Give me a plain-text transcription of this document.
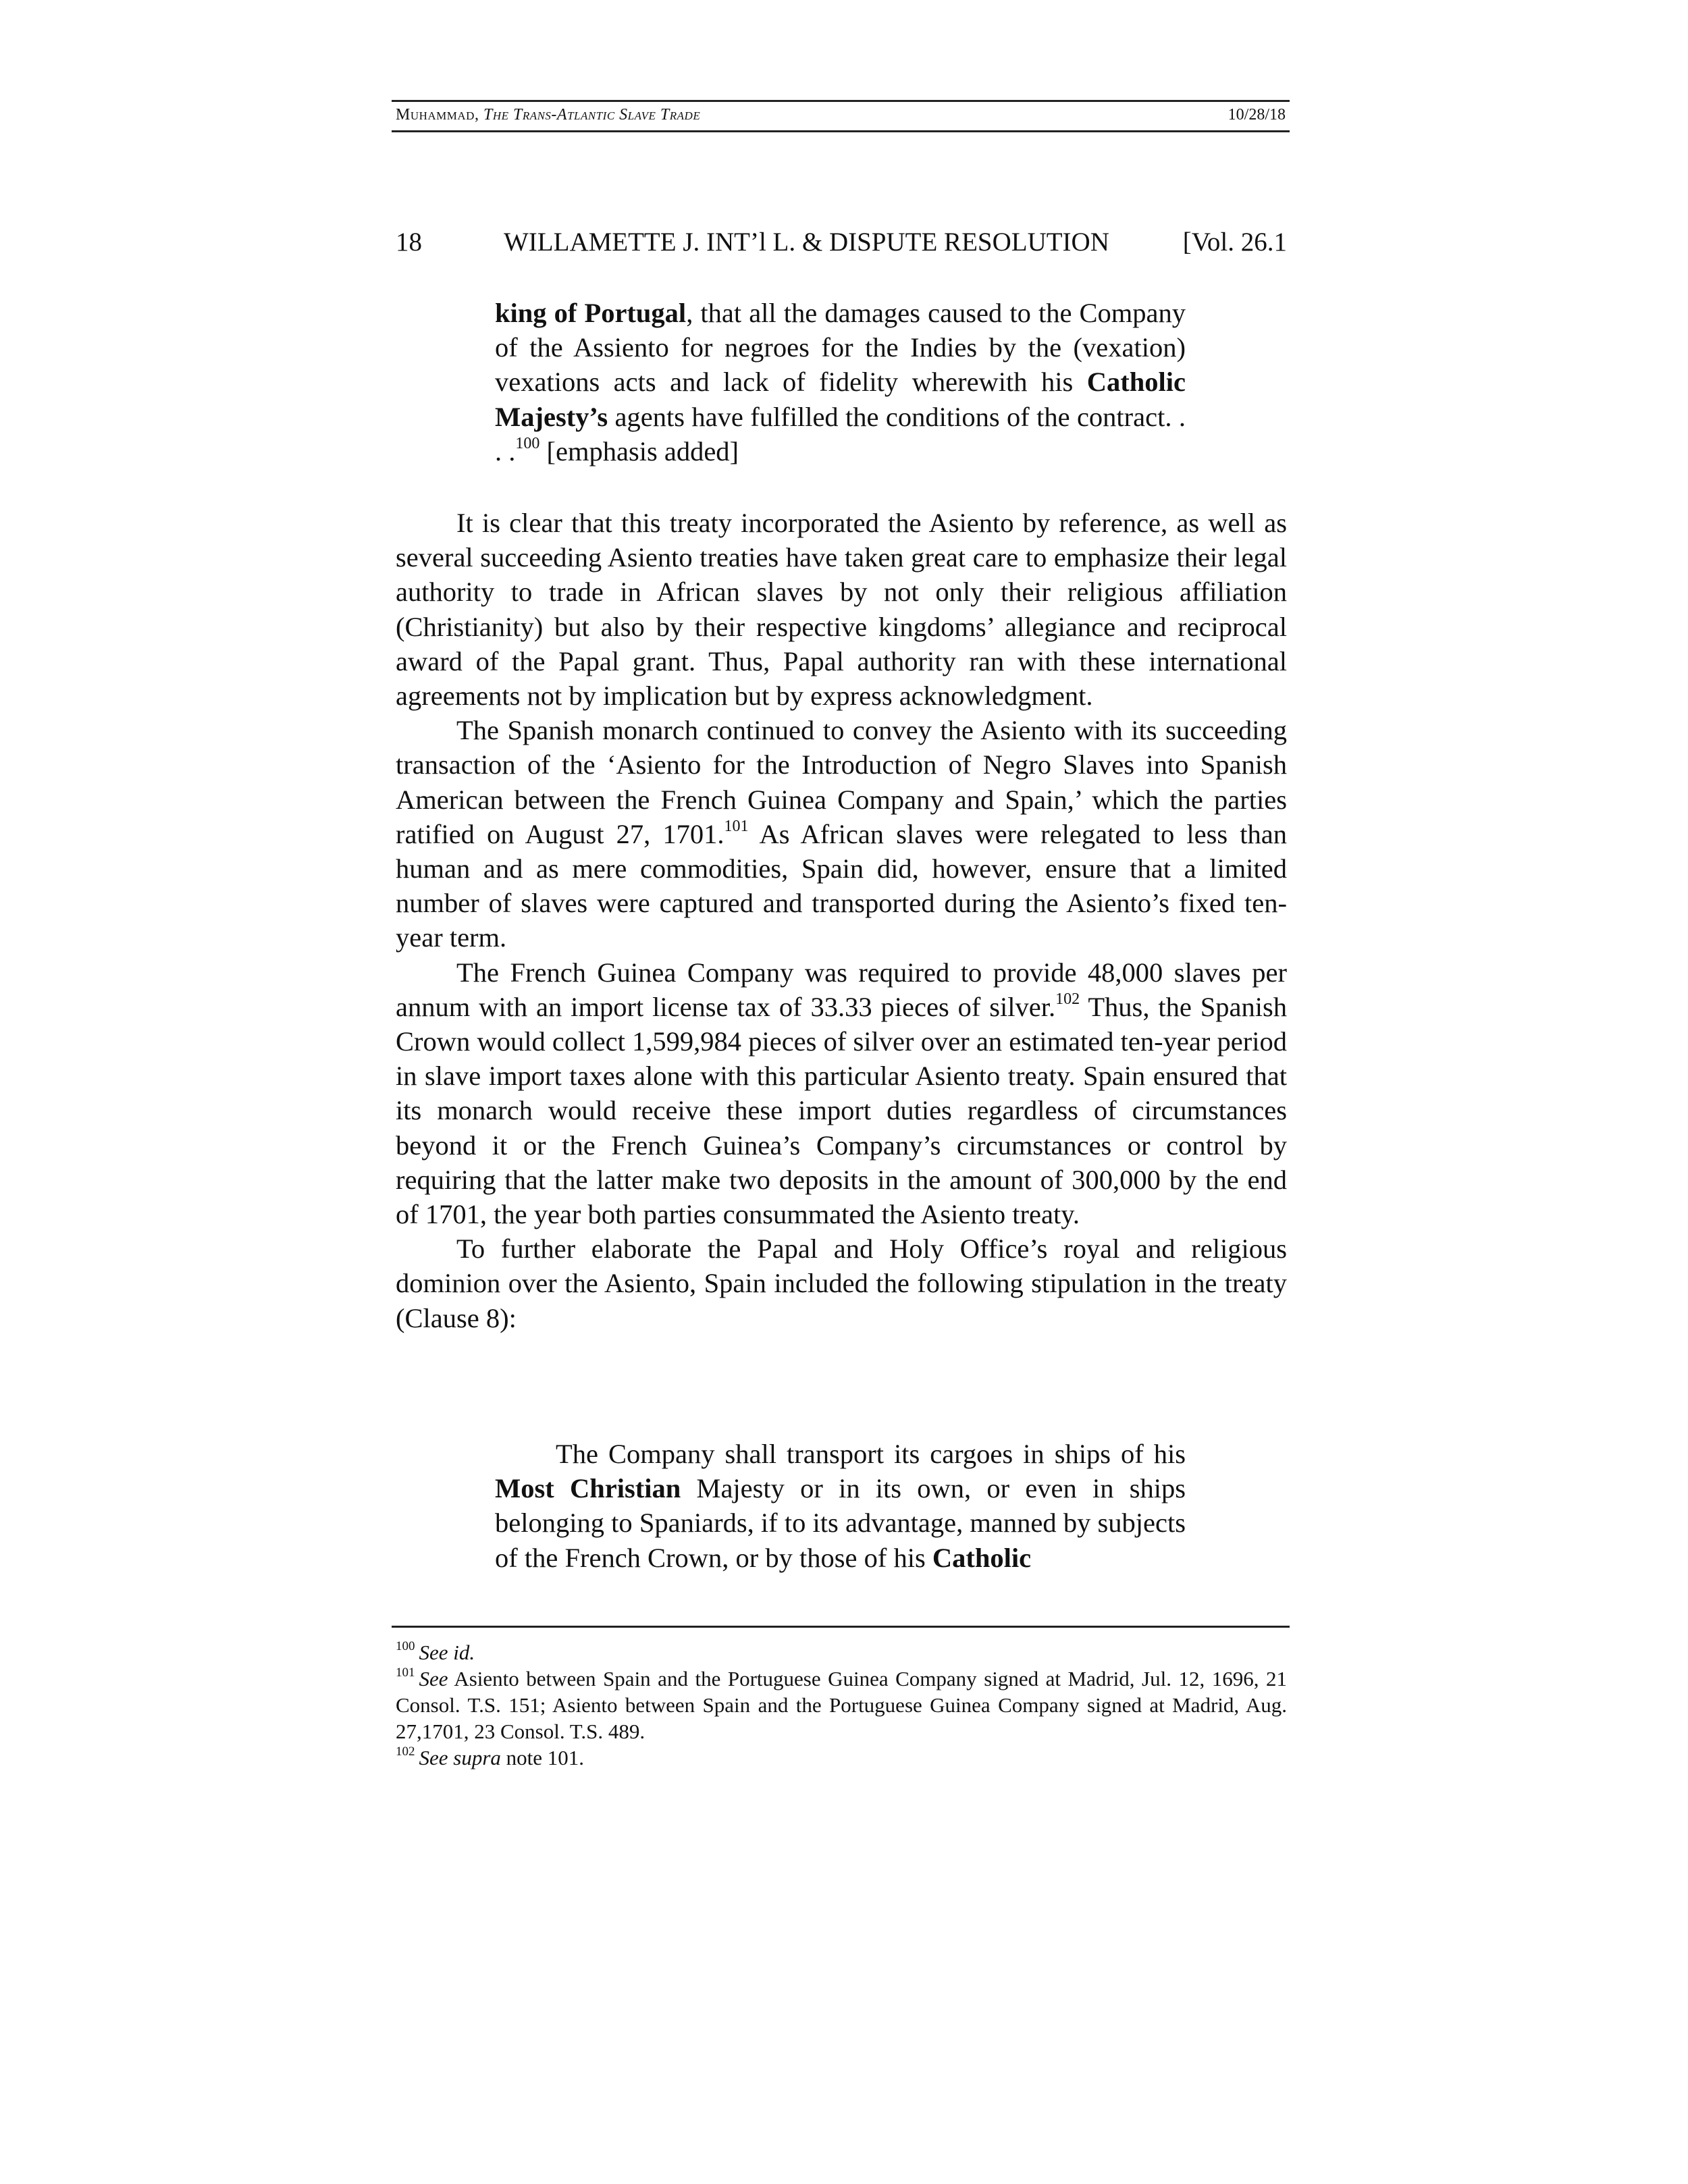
Muhammad, The Trans-Atlantic Slave Trade	10/28/18
18	WILLAMETTE J. INT’l L. & DISPUTE RESOLUTION	[Vol. 26.1

king of Portugal, that all the damages caused to the Company of the Assiento for negroes for the Indies by the (vexation) vexations acts and lack of fidelity wherewith his Catholic Majesty’s agents have fulfilled the conditions of the contract. . . .$^{100}$ [emphasis added]

It is clear that this treaty incorporated the Asiento by reference, as well as several succeeding Asiento treaties have taken great care to emphasize their legal authority to trade in African slaves by not only their religious affiliation (Christianity) but also by their respective kingdoms’ allegiance and reciprocal award of the Papal grant. Thus, Papal authority ran with these international agreements not by implication but by express acknowledgment.

The Spanish monarch continued to convey the Asiento with its succeeding transaction of the ‘Asiento for the Introduction of Negro Slaves into Spanish American between the French Guinea Company and Spain,’ which the parties ratified on August 27, 1701.$^{101}$ As African slaves were relegated to less than human and as mere commodities, Spain did, however, ensure that a limited number of slaves were captured and transported during the Asiento’s fixed ten-year term.

The French Guinea Company was required to provide 48,000 slaves per annum with an import license tax of 33.33 pieces of silver.$^{102}$ Thus, the Spanish Crown would collect 1,599,984 pieces of silver over an estimated ten-year period in slave import taxes alone with this particular Asiento treaty. Spain ensured that its monarch would receive these import duties regardless of circumstances beyond it or the French Guinea’s Company’s circumstances or control by requiring that the latter make two deposits in the amount of 300,000 by the end of 1701, the year both parties consummated the Asiento treaty.

To further elaborate the Papal and Holy Office’s royal and religious dominion over the Asiento, Spain included the following stipulation in the treaty (Clause 8):

The Company shall transport its cargoes in ships of his Most Christian Majesty or in its own, or even in ships belonging to Spaniards, if to its advantage, manned by subjects of the French Crown, or by those of his Catholic

$^{100}$ See id.

$^{101}$ See Asiento between Spain and the Portuguese Guinea Company signed at Madrid, Jul. 12, 1696, 21 Consol. T.S. 151; Asiento between Spain and the Portuguese Guinea Company signed at Madrid, Aug. 27,1701, 23 Consol. T.S. 489.

$^{102}$ See supra note 101.
